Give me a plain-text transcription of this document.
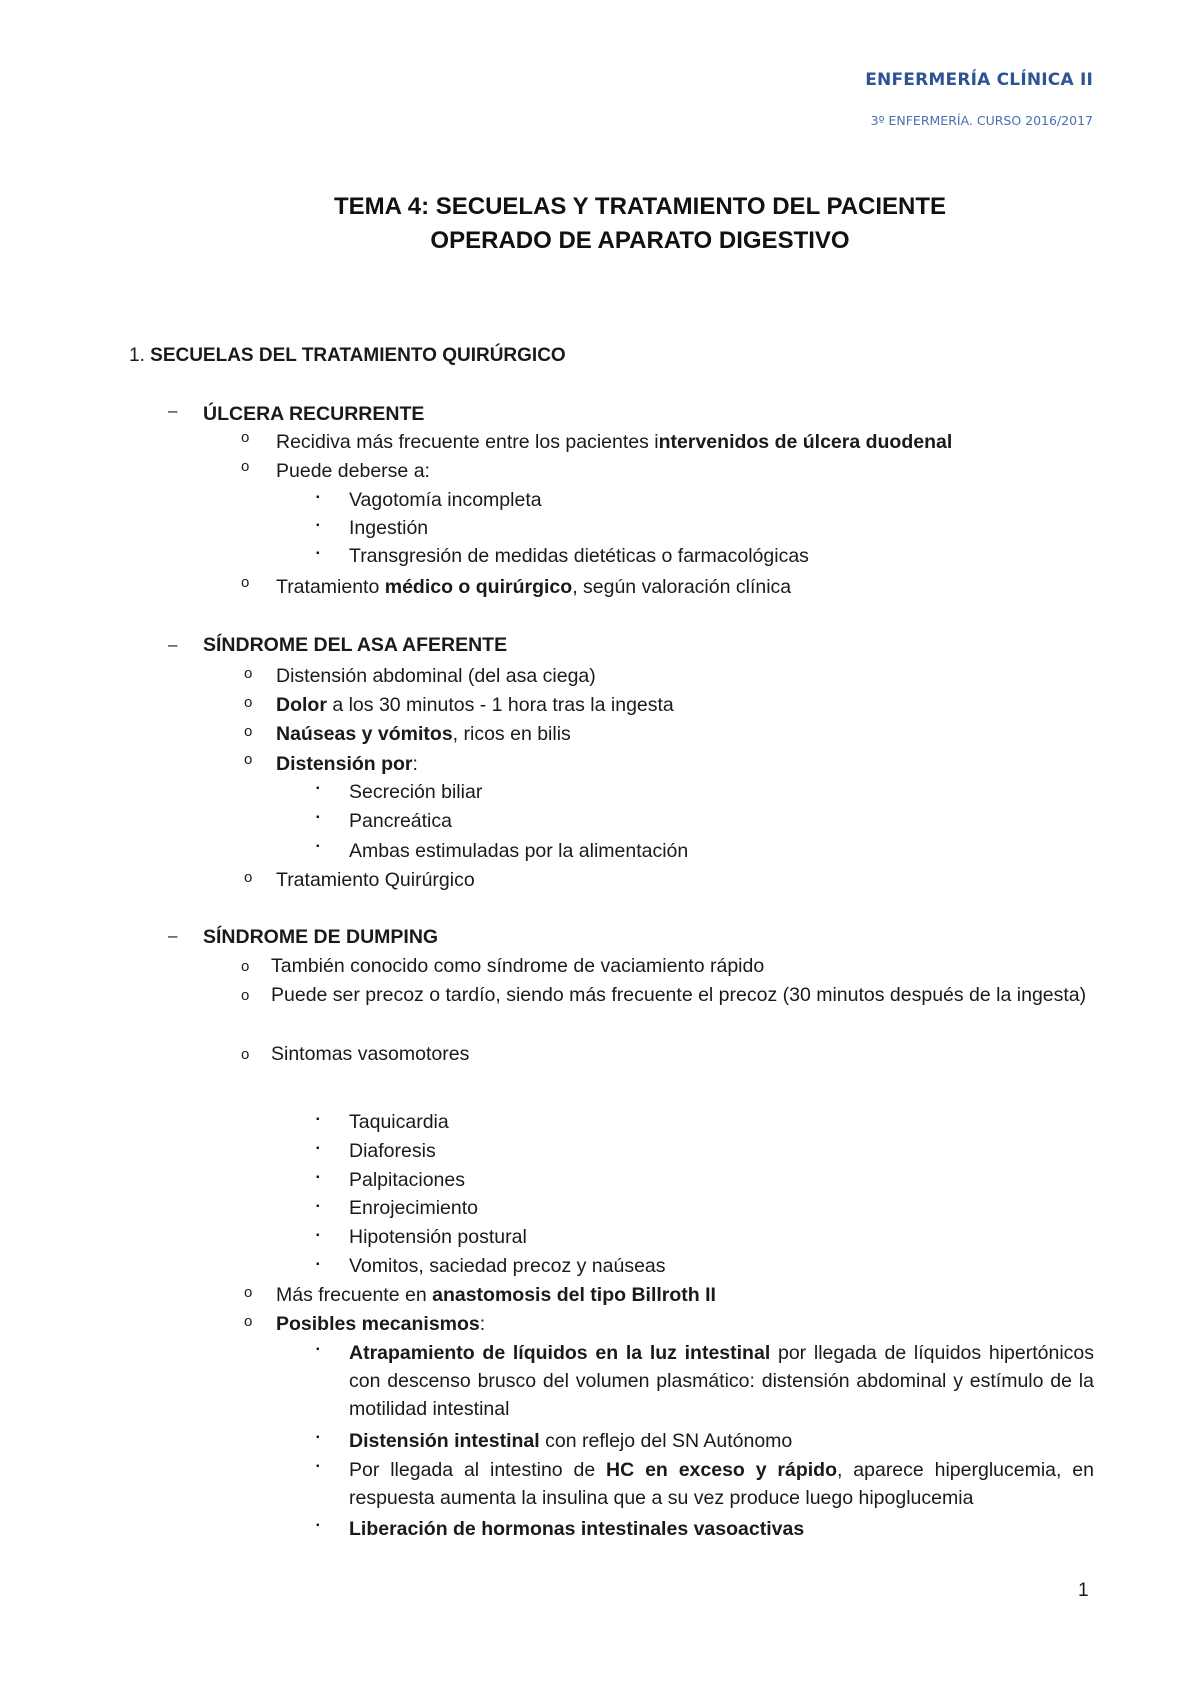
ENFERMERÍA CLÍNICA II
3º ENFERMERÍA. CURSO 2016/2017
TEMA 4: SECUELAS Y TRATAMIENTO DEL PACIENTE
OPERADO DE APARATO DIGESTIVO
1. SECUELAS DEL TRATAMIENTO QUIRÚRGICO
– ÚLCERA RECURRENTE
o Recidiva más frecuente entre los pacientes intervenidos de úlcera duodenal
o Puede deberse a:
▪ Vagotomía incompleta
▪ Ingestión
▪ Transgresión de medidas dietéticas o farmacológicas
o Tratamiento médico o quirúrgico, según valoración clínica
– SÍNDROME DEL ASA AFERENTE
o Distensión abdominal (del asa ciega)
o Dolor a los 30 minutos - 1 hora tras la ingesta
o Naúseas y vómitos, ricos en bilis
o Distensión por:
▪ Secreción biliar
▪ Pancreática
▪ Ambas estimuladas por la alimentación
o Tratamiento Quirúrgico
– SÍNDROME DE DUMPING
o También conocido como síndrome de vaciamiento rápido
o Puede ser precoz o tardío, siendo más frecuente el precoz (30 minutos después de la ingesta)
o Sintomas vasomotores
▪ Taquicardia
▪ Diaforesis
▪ Palpitaciones
▪ Enrojecimiento
▪ Hipotensión postural
▪ Vomitos, saciedad precoz y naúseas
o Más frecuente en anastomosis del tipo Billroth II
o Posibles mecanismos:
▪ Atrapamiento de líquidos en la luz intestinal por llegada de líquidos hipertónicos con descenso brusco del volumen plasmático: distensión abdominal y estímulo de la motilidad intestinal
▪ Distensión intestinal con reflejo del SN Autónomo
▪ Por llegada al intestino de HC en exceso y rápido, aparece hiperglucemia, en respuesta aumenta la insulina que a su vez produce luego hipoglucemia
▪ Liberación de hormonas intestinales vasoactivas
1
